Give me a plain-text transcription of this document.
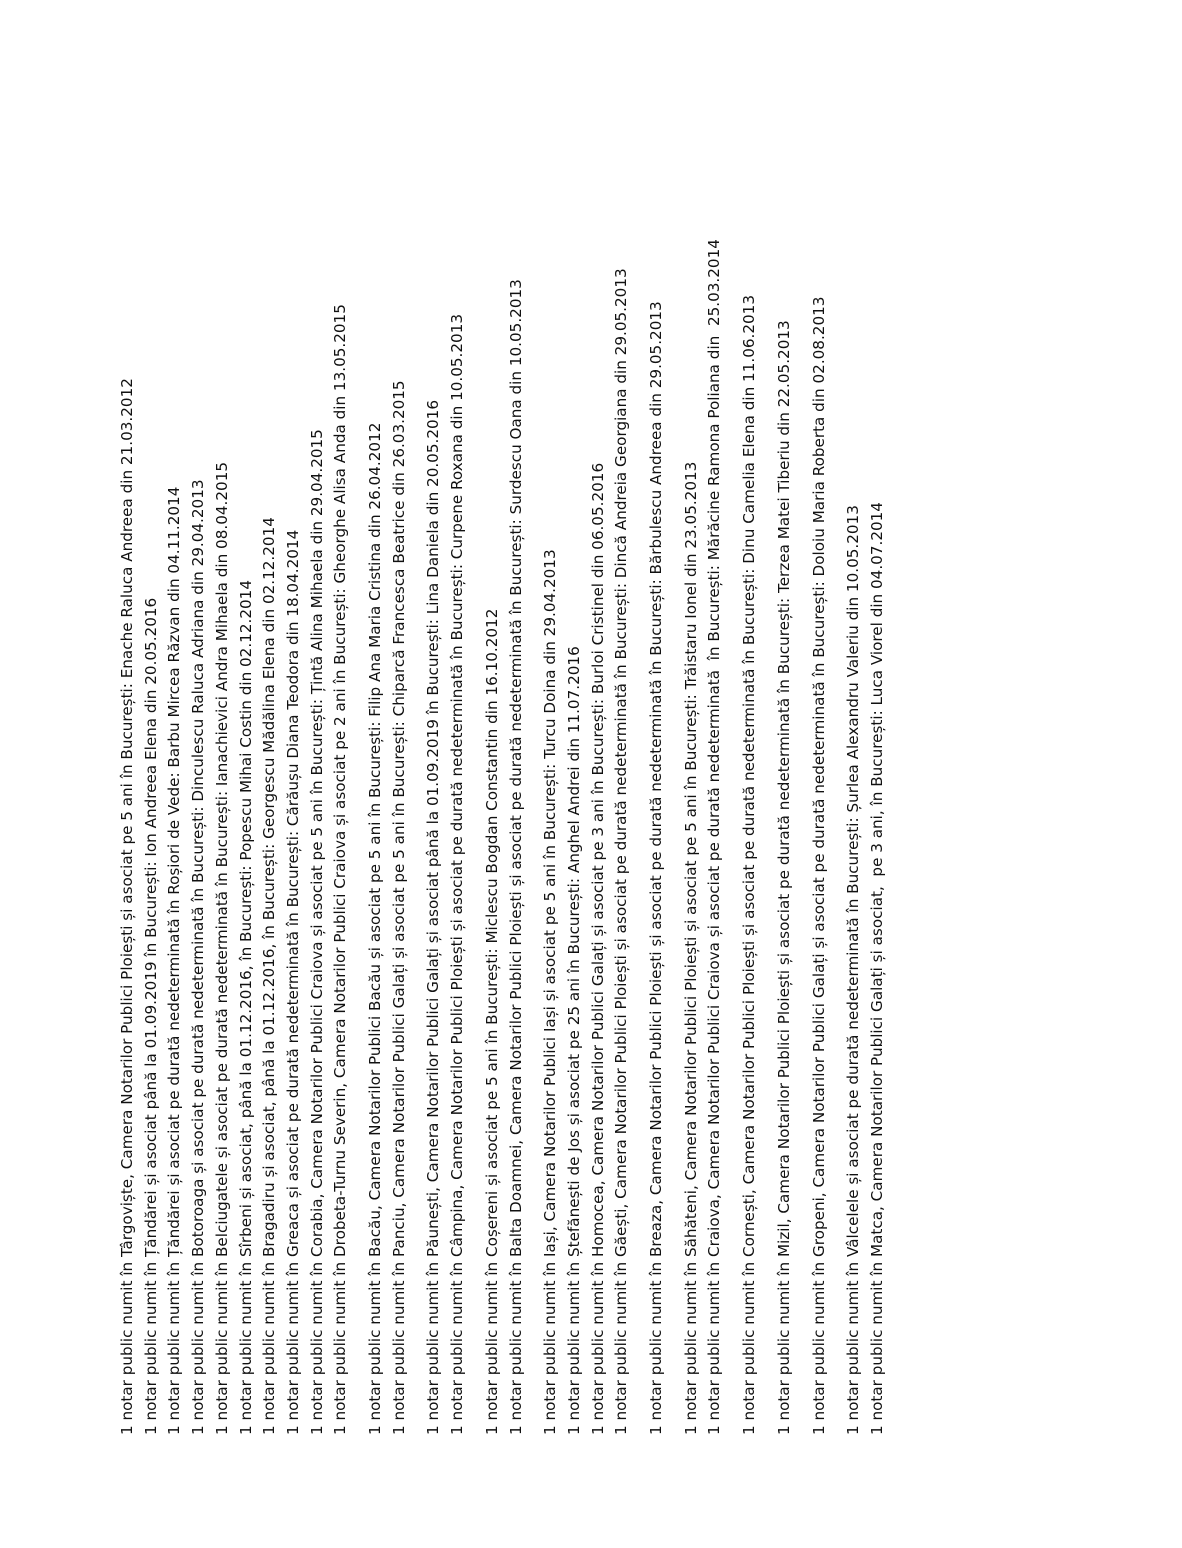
1 notar public numit în Târgoviște, Camera Notarilor Publici Ploiești și asociat pe 5 ani în București: Enache Raluca Andreea din 21.03.2012 1 notar public numit în Țăndărei și asociat până la 01.09.2019 în București: Ion Andreea Elena din 20.05.2016 1 notar public numit în Țăndărei și asociat pe durată nedeterminată în Roșiori de Vede: Barbu Mircea Răzvan din 04.11.2014 1 notar public numit în Botoroaga și asociat pe durată nedeterminată în București: Dinculescu Raluca Adriana din 29.04.2013 1 notar public numit în Belciugatele și asociat pe durată nedeterminată în București: Ianachievici Andra Mihaela din 08.04.2015 1 notar public numit în Sîrbeni și asociat, până la 01.12.2016, în București: Popescu Mihai Costin din 02.12.2014 1 notar public numit în Bragadiru și asociat, până la 01.12.2016, în București: Georgescu Mădălina Elena din 02.12.2014 1 notar public numit în Greaca și asociat pe durată nedeterminată în București: Cărăușu Diana Teodora din 18.04.2014 1 notar public numit în Corabia, Camera Notarilor Publici Craiova și asociat pe 5 ani în București: Țintă Alina Mihaela din 29.04.2015 1 notar public numit în Drobeta-Turnu Severin, Camera Notarilor Publici Craiova și asociat pe 2 ani în București: Gheorghe Alisa Anda din 13.05.2015 1 notar public numit în Bacău, Camera Notarilor Publici Bacău și asociat pe 5 ani în București: Filip Ana Maria Cristina din 26.04.2012 1 notar public numit în Panciu, Camera Notarilor Publici Galați și asociat pe 5 ani în București: Chiparcă Francesca Beatrice din 26.03.2015 1 notar public numit în Păunești, Camera Notarilor Publici Galați și asociat până la 01.09.2019 în București: Lina Daniela din 20.05.2016 1 notar public numit în Câmpina, Camera Notarilor Publici Ploiești și asociat pe durată nedeterminată în București: Curpene Roxana din 10.05.2013 1 notar public numit în Coșereni și asociat pe 5 ani în București: Miclescu Bogdan Constantin din 16.10.2012 1 notar public numit în Balta Doamnei, Camera Notarilor Publici Ploiești și asociat pe durată nedeterminată în București: Surdescu Oana din 10.05.2013 1 notar public numit în Iași, Camera Notarilor Publici Iași și asociat pe 5 ani în București: Turcu Doina din 29.04.2013 1 notar public numit în Ștefănești de Jos și asociat pe 25 ani în București: Anghel Andrei din 11.07.2016 1 notar public numit în Homocea, Camera Notarilor Publici Galați și asociat pe 3 ani în București: Burloi Cristinel din 06.05.2016 1 notar public numit în Găești, Camera Notarilor Publici Ploiești și asociat pe durată nedeterminată în București: Dincă Andreia Georgiana din 29.05.2013 1 notar public numit în Breaza, Camera Notarilor Publici Ploiești și asociat pe durată nedeterminată în București: Bărbulescu Andreea din 29.05.2013 1 notar public numit în Săhăteni, Camera Notarilor Publici Ploiești și asociat pe 5 ani în București: Trăistaru Ionel din 23.05.2013 1 notar public numit în Craiova, Camera Notarilor Publici Craiova și asociat pe durată nedeterminată  în București: Mărăcine Ramona Poliana din  25.03.2014 1 notar public numit în Cornești, Camera Notarilor Publici Ploiești și asociat pe durată nedeterminată în București: Dinu Camelia Elena din 11.06.2013 1 notar public numit în Mizil, Camera Notarilor Publici Ploiești și asociat pe durată nedeterminată în București: Terzea Matei Tiberiu din 22.05.2013 1 notar public numit în Gropeni, Camera Notarilor Publici Galați și asociat pe durată nedeterminată în București: Doloiu Maria Roberta din 02.08.2013 1 notar public numit în Vâlcelele și asociat pe durată nedeterminată în București: Șurlea Alexandru Valeriu din 10.05.2013 1 notar public numit în Matca, Camera Notarilor Publici Galați și asociat,  pe 3 ani, în București: Luca Viorel din 04.07.2014
